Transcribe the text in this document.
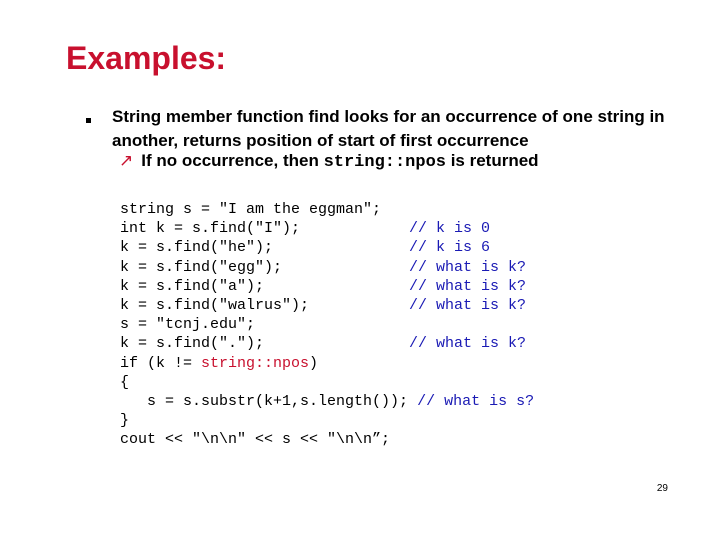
Examples:
String member function find looks for an occurrence of one string in another, returns position of start of first occurrence
↗ If no occurrence, then string::npos is returned

string s = "I am the eggman";

int k = s.find("I");

	// k is 0

k = s.find("he");

	// k is 6

k = s.find("egg");

	// what is k?

k = s.find("a");

	// what is k?

k = s.find("walrus");

	// what is k?

s = "tcnj.edu";

k = s.find(".");

	// what is k?

if (k != string::npos)

{

s = s.substr(k+1,s.length()); // what is s?

}

cout << "\n\n" << s << "\n\n”;

29
